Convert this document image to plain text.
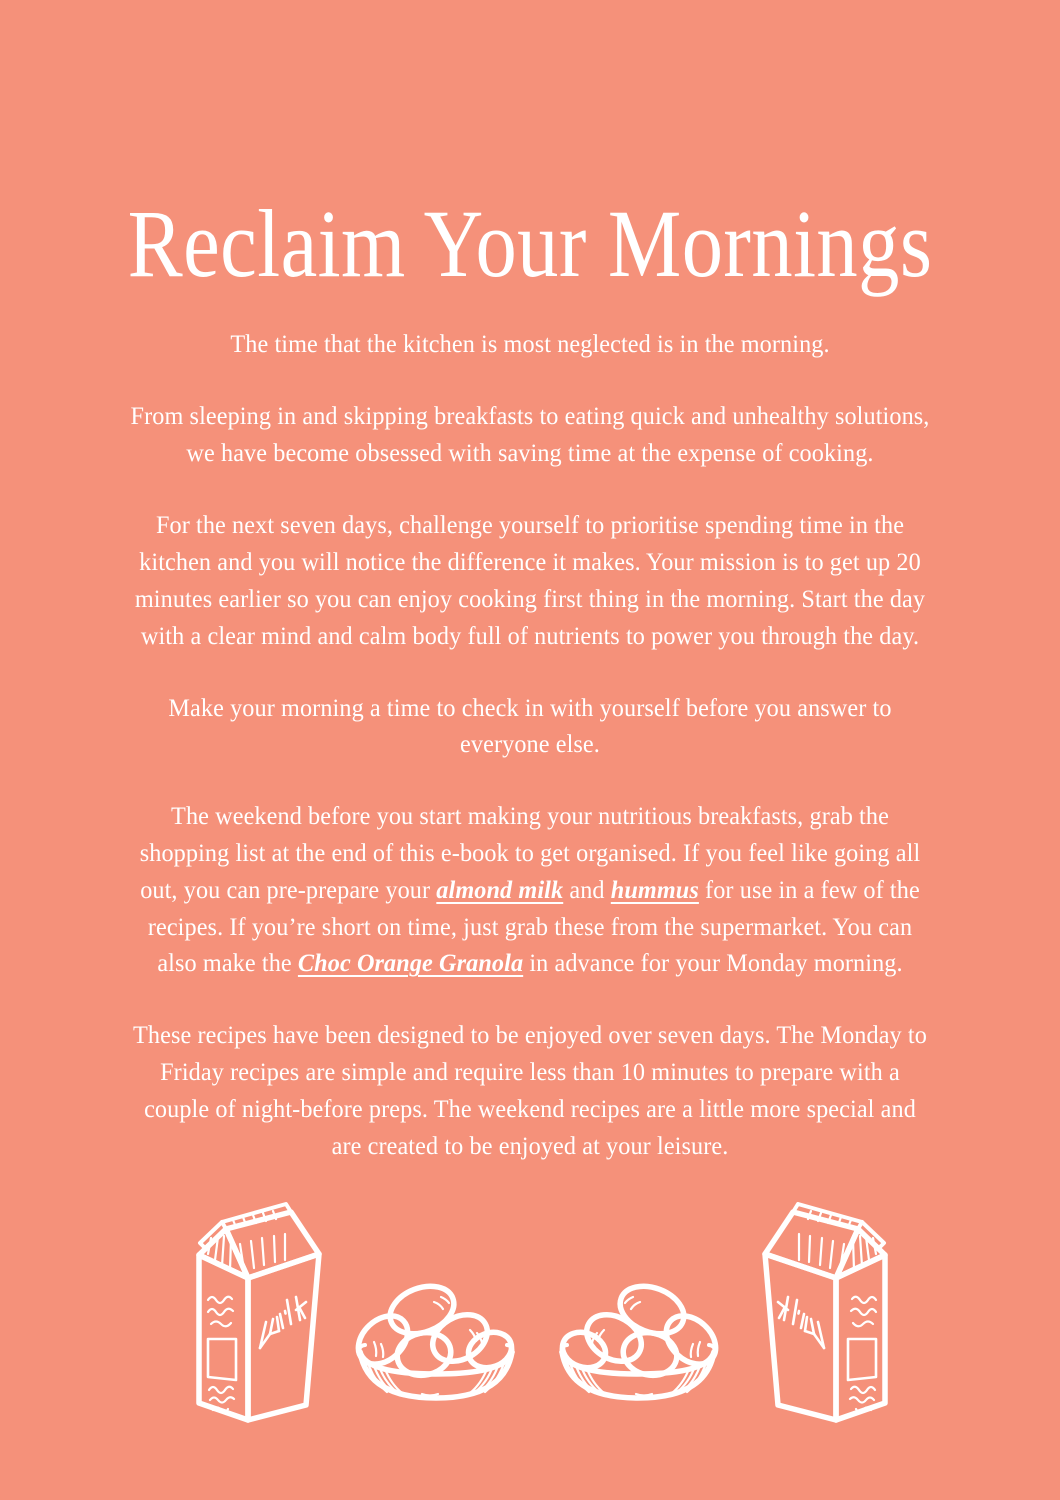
Reclaim Your Mornings

The time that the kitchen is most neglected is in the morning.

From sleeping in and skipping breakfasts to eating quick and unhealthy solutions, we have become obsessed with saving time at the expense of cooking.

For the next seven days, challenge yourself to prioritise spending time in the kitchen and you will notice the difference it makes. Your mission is to get up 20 minutes earlier so you can enjoy cooking first thing in the morning. Start the day with a clear mind and calm body full of nutrients to power you through the day.

Make your morning a time to check in with yourself before you answer to everyone else.

The weekend before you start making your nutritious breakfasts, grab the shopping list at the end of this e-book to get organised. If you feel like going all out, you can pre-prepare your almond milk and hummus for use in a few of the recipes. If you’re short on time, just grab these from the supermarket. You can also make the Choc Orange Granola in advance for your Monday morning.

These recipes have been designed to be enjoyed over seven days. The Monday to Friday recipes are simple and require less than 10 minutes to prepare with a couple of night-before preps. The weekend recipes are a little more special and are created to be enjoyed at your leisure.
